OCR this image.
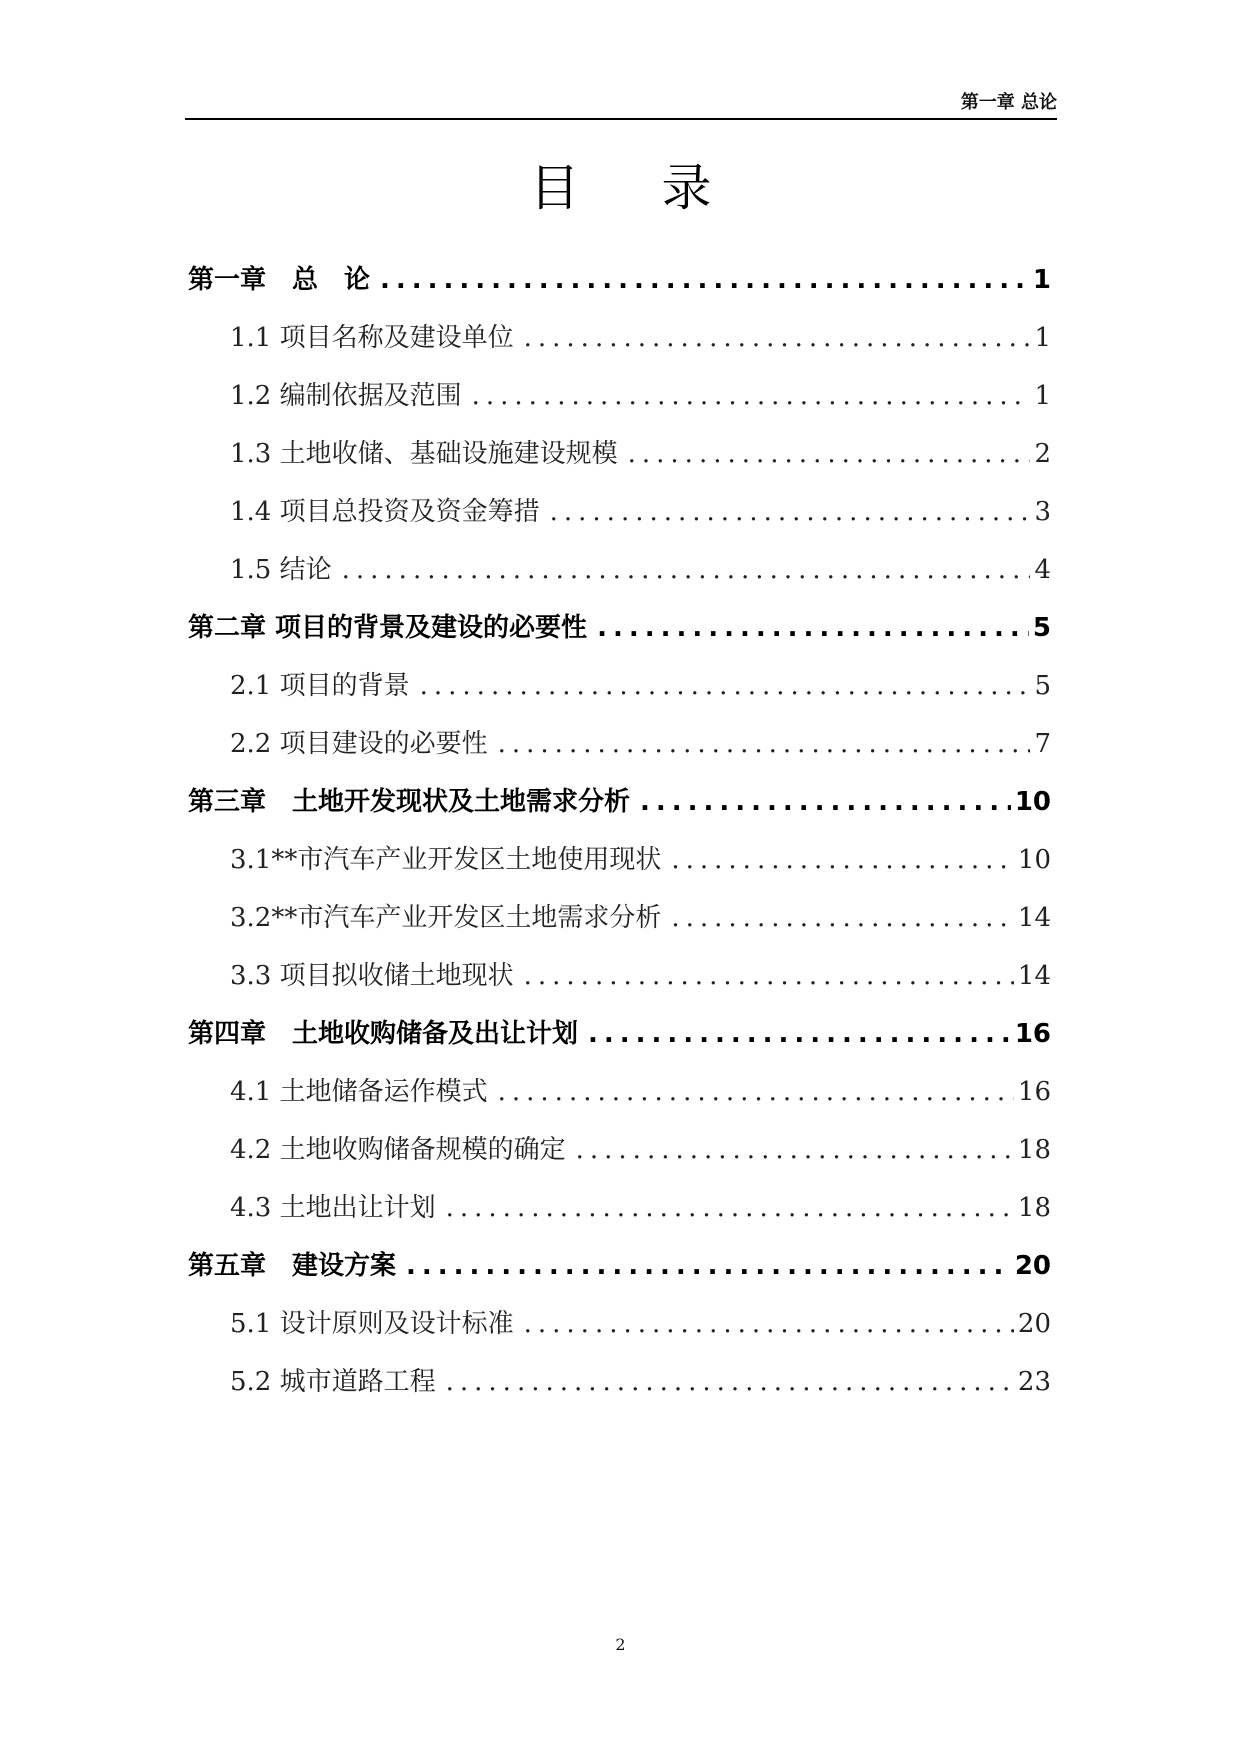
第一章 总论
目录
第一章　总　论 .....	1
1.1 项目名称及建设单位 .....	1
1.2 编制依据及范围 .....	1
1.3 土地收储、基础设施建设规模 .....	2
1.4 项目总投资及资金筹措 .....	3
1.5 结论 .....	4
第二章 项目的背景及建设的必要性 .....	5
2.1 项目的背景 .....	5
2.2 项目建设的必要性 .....	7
第三章　土地开发现状及土地需求分析 .....	10
3.1**市汽车产业开发区土地使用现状 .....	10
3.2**市汽车产业开发区土地需求分析 .....	14
3.3 项目拟收储土地现状 .....	14
第四章　土地收购储备及出让计划 .....	16
4.1 土地储备运作模式 .....	16
4.2 土地收购储备规模的确定 .....	18
4.3 土地出让计划 .....	18
第五章　建设方案 .....	20
5.1 设计原则及设计标准 .....	20
5.2 城市道路工程 .....	23
2
